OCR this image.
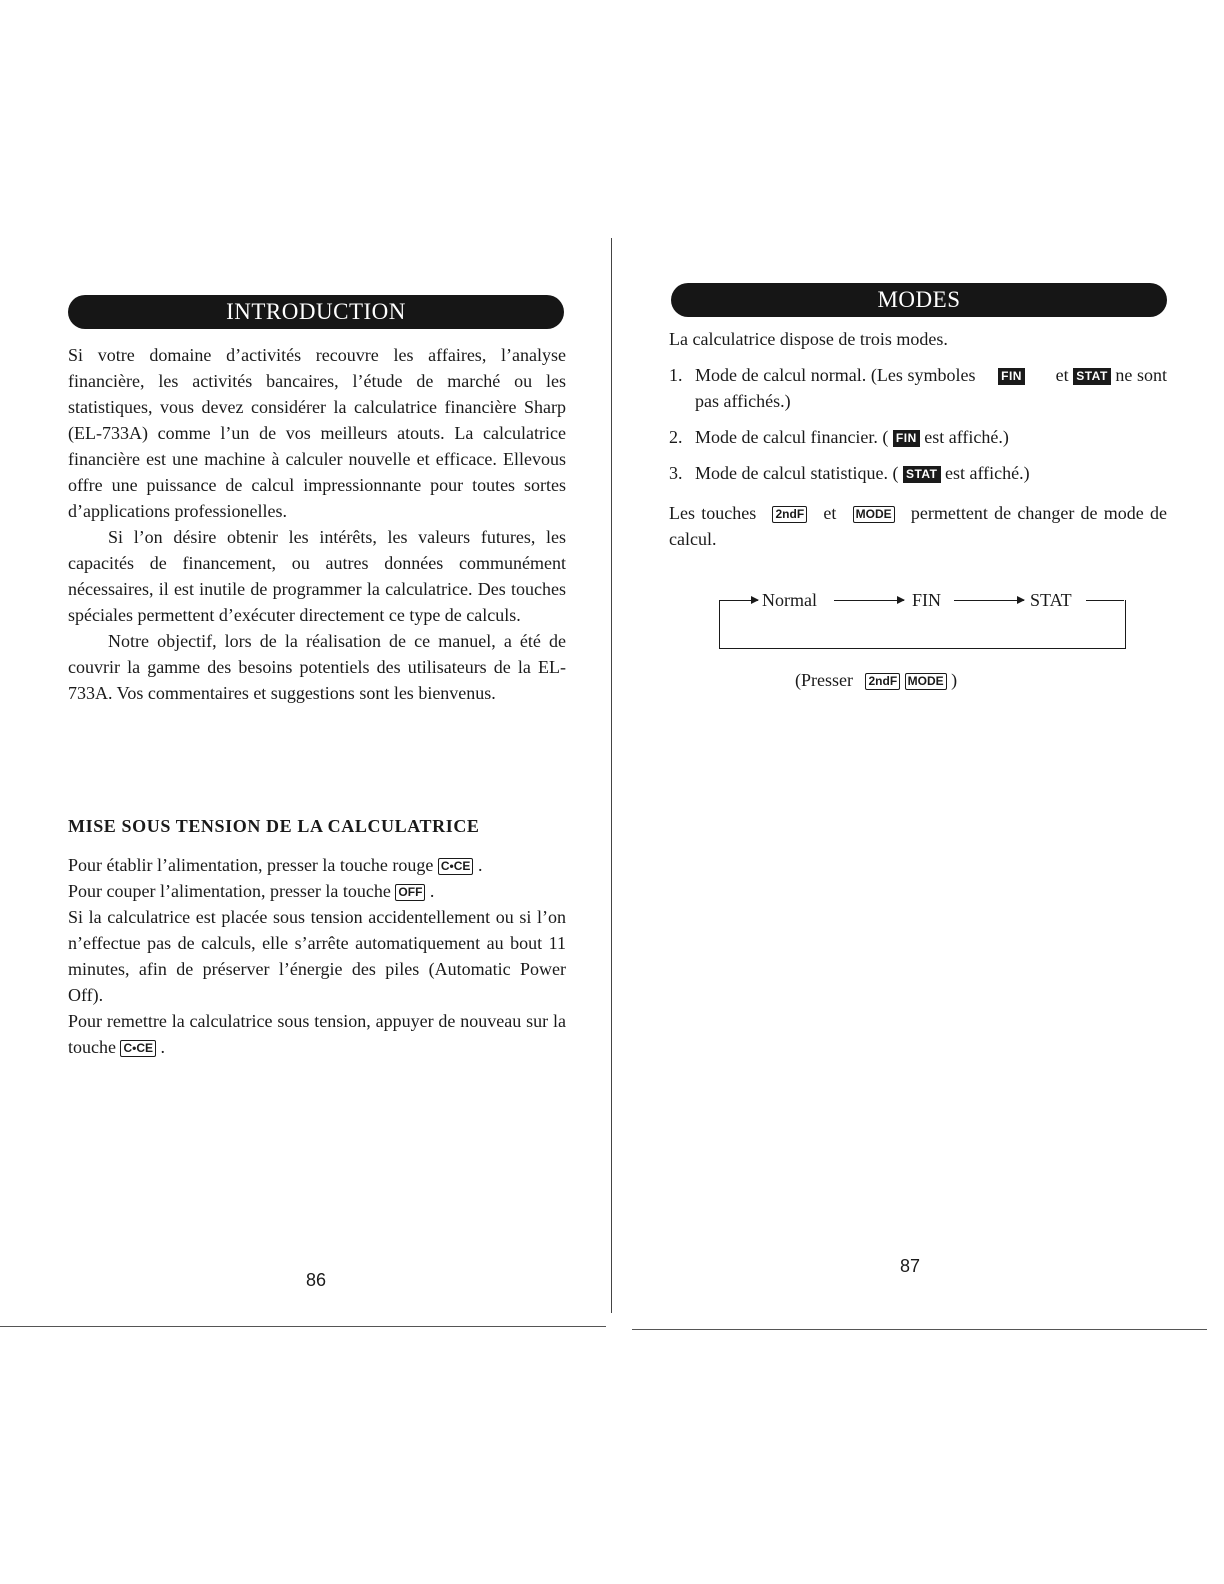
INTRODUCTION

Si votre domaine d’activités recouvre les affaires, l’analyse financière, les activités bancaires, l’étude de marché ou les statistiques, vous devez considérer la calculatrice financière Sharp (EL-733A) comme l’un de vos meilleurs atouts. La calculatrice financière est une machine à calculer nouvelle et efficace. Ellevous offre une puissance de calcul impressionnante pour toutes sortes d’applications professionelles.

Si l’on désire obtenir les intérêts, les valeurs futures, les capacités de financement, ou autres données communément nécessaires, il est inutile de programmer la calculatrice. Des touches spéciales permettent d’exécuter directement ce type de calculs.

Notre objectif, lors de la réalisation de ce manuel, a été de couvrir la gamme des besoins potentiels des utilisateurs de la EL-733A. Vos commentaires et suggestions sont les bienvenus.

MISE SOUS TENSION DE LA CALCULATRICE

Pour établir l’alimentation, presser la touche rouge C•CE .

Pour couper l’alimentation, presser la touche OFF .

Si la calculatrice est placée sous tension accidentellement ou si l’on n’effectue pas de calculs, elle s’arrête automatiquement au bout 11 minutes, afin de préserver l’énergie des piles (Automatic Power Off).

Pour remettre la calculatrice sous tension, appuyer de nouveau sur la touche C•CE .

86
MODES

La calculatrice dispose de trois modes.

1. Mode de calcul normal. (Les symboles FIN et STAT ne sont pas affichés.)
2. Mode de calcul financier. ( FIN est affiché.)
3. Mode de calcul statistique. ( STAT est affiché.)

Les touches 2ndF et MODE permettent de changer de mode de calcul.

Normal	FIN	STAT
(Presser 2ndF MODE )
87
